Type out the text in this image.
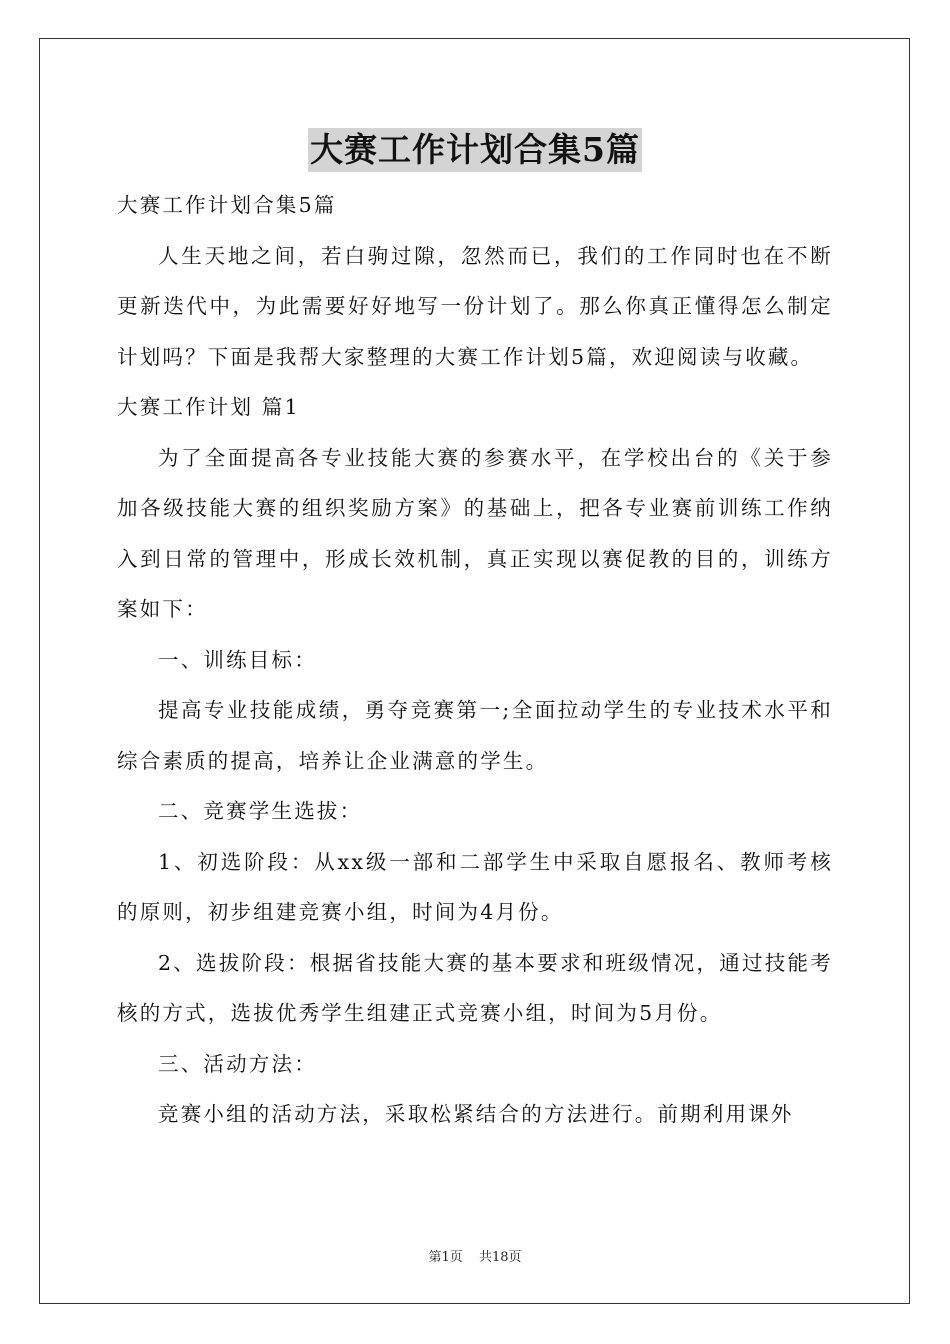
大赛工作计划合集5篇

大赛工作计划合集5篇

人生天地之间，若白驹过隙，忽然而已，我们的工作同时也在不断更新迭代中，为此需要好好地写一份计划了。那么你真正懂得怎么制定计划吗？下面是我帮大家整理的大赛工作计划5篇，欢迎阅读与收藏。

大赛工作计划 篇1

为了全面提高各专业技能大赛的参赛水平，在学校出台的《关于参加各级技能大赛的组织奖励方案》的基础上，把各专业赛前训练工作纳入到日常的管理中，形成长效机制，真正实现以赛促教的目的，训练方案如下：

一、训练目标：

提高专业技能成绩，勇夺竞赛第一;全面拉动学生的专业技术水平和综合素质的提高，培养让企业满意的学生。

二、竞赛学生选拔：

1、初选阶段：从xx级一部和二部学生中采取自愿报名、教师考核的原则，初步组建竞赛小组，时间为4月份。

2、选拔阶段：根据省技能大赛的基本要求和班级情况，通过技能考核的方式，选拔优秀学生组建正式竞赛小组，时间为5月份。

三、活动方法：

竞赛小组的活动方法，采取松紧结合的方法进行。前期利用课外

第1页 共18页
